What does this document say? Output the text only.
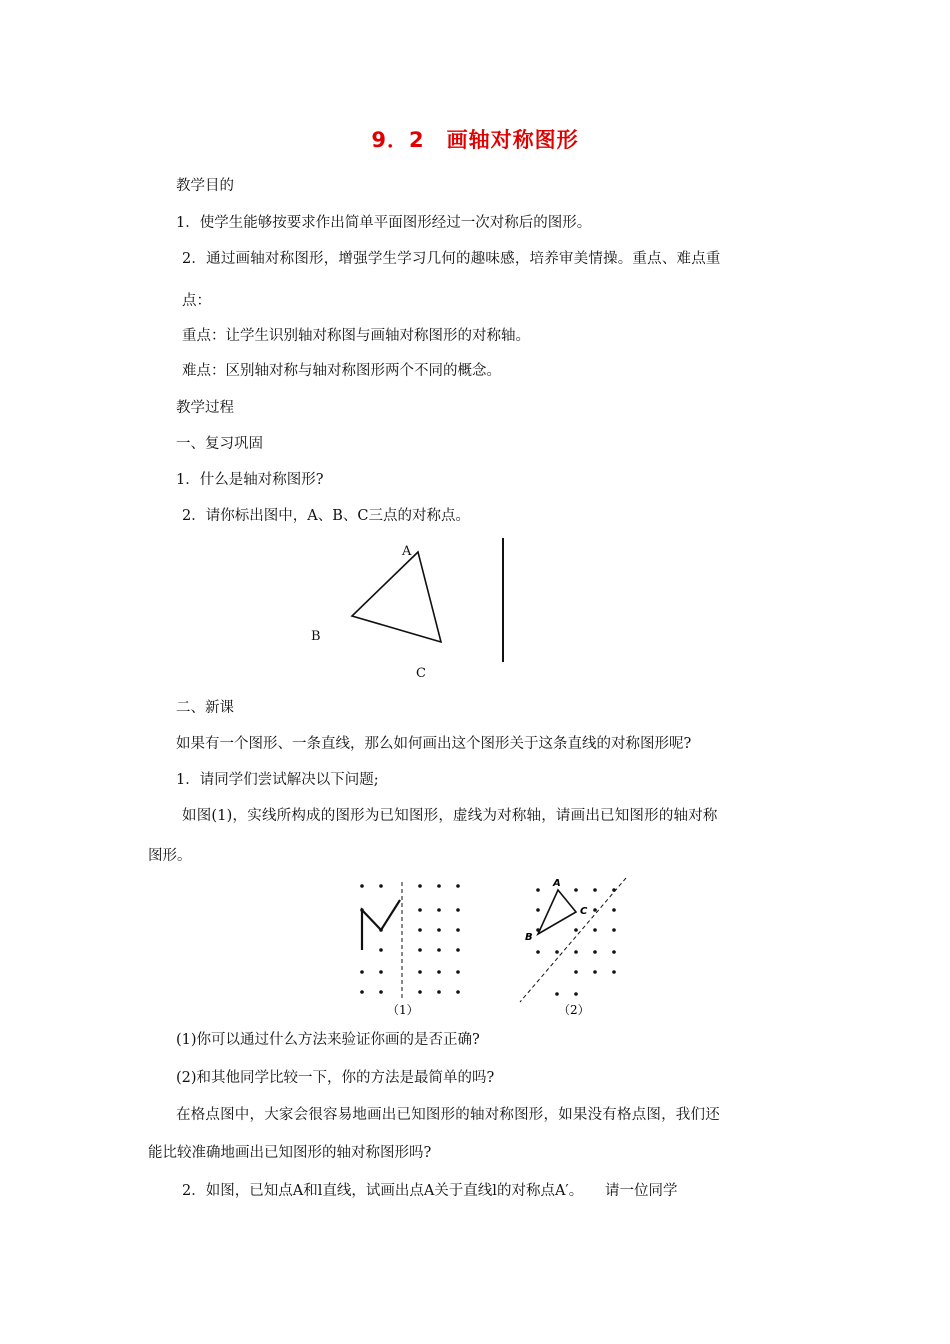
9．2　画轴对称图形
教学目的
1．使学生能够按要求作出简单平面图形经过一次对称后的图形。
2．通过画轴对称图形，增强学生学习几何的趣味感，培养审美情操。重点、难点重
点：
重点：让学生识别轴对称图与画轴对称图形的对称轴。
难点：区别轴对称与轴对称图形两个不同的概念。
教学过程
一、复习巩固
1．什么是轴对称图形?
2．请你标出图中，A、B、C三点的对称点。
A
B
C
二、新课
如果有一个图形、一条直线，那么如何画出这个图形关于这条直线的对称图形呢?
1．请同学们尝试解决以下问题;
如图(1)，实线所构成的图形为已知图形，虚线为对称轴，请画出已知图形的轴对称
图形。
（1）
A
B
C
（2）
(1)你可以通过什么方法来验证你画的是否正确?
(2)和其他同学比较一下，你的方法是最简单的吗?
在格点图中，大家会很容易地画出已知图形的轴对称图形，如果没有格点图，我们还
能比较准确地画出已知图形的轴对称图形吗?
2．如图，已知点A和l直线，试画出点A关于直线l的对称点A′。　　请一位同学
